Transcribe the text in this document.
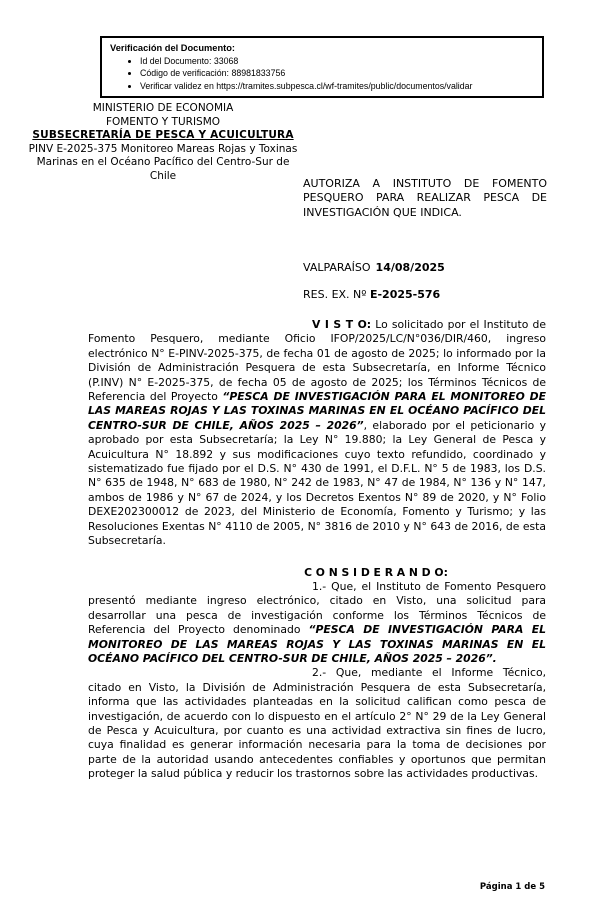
Verificación del Documento:
• Id del Documento: 33068
• Código de verificación: 88981833756
• Verificar validez en https://tramites.subpesca.cl/wf-tramites/public/documentos/validar
MINISTERIO DE ECONOMIA
FOMENTO Y TURISMO
SUBSECRETARÍA DE PESCA Y ACUICULTURA
PINV E-2025-375 Monitoreo Mareas Rojas y Toxinas Marinas en el Océano Pacífico del Centro-Sur de Chile
AUTORIZA A INSTITUTO DE FOMENTO PESQUERO PARA REALIZAR PESCA DE INVESTIGACIÓN QUE INDICA.
VALPARAÍSO 14/08/2025
RES. EX. Nº E-2025-576

V I S T O: Lo solicitado por el Instituto de Fomento Pesquero, mediante Oficio IFOP/2025/LC/N°036/DIR/460, ingreso electrónico N° E-PINV-2025-375, de fecha 01 de agosto de 2025; lo informado por la División de Administración Pesquera de esta Subsecretaría, en Informe Técnico (P.INV) N° E-2025-375, de fecha 05 de agosto de 2025; los Términos Técnicos de Referencia del Proyecto “PESCA DE INVESTIGACIÓN PARA EL MONITOREO DE LAS MAREAS ROJAS Y LAS TOXINAS MARINAS EN EL OCÉANO PACÍFICO DEL CENTRO-SUR DE CHILE, AÑOS 2025 – 2026”, elaborado por el peticionario y aprobado por esta Subsecretaría; la Ley N° 19.880; la Ley General de Pesca y Acuicultura N° 18.892 y sus modificaciones cuyo texto refundido, coordinado y sistematizado fue fijado por el D.S. N° 430 de 1991, el D.F.L. N° 5 de 1983, los D.S. N° 635 de 1948, N° 683 de 1980, N° 242 de 1983, N° 47 de 1984, N° 136 y N° 147, ambos de 1986 y N° 67 de 2024, y los Decretos Exentos N° 89 de 2020, y N° Folio DEXE202300012 de 2023, del Ministerio de Economía, Fomento y Turismo; y las Resoluciones Exentas N° 4110 de 2005, N° 3816 de 2010 y N° 643 de 2016, de esta Subsecretaría.

C O N S I D E R A N D O:

1.- Que, el Instituto de Fomento Pesquero presentó mediante ingreso electrónico, citado en Visto, una solicitud para desarrollar una pesca de investigación conforme los Términos Técnicos de Referencia del Proyecto denominado “PESCA DE INVESTIGACIÓN PARA EL MONITOREO DE LAS MAREAS ROJAS Y LAS TOXINAS MARINAS EN EL OCÉANO PACÍFICO DEL CENTRO-SUR DE CHILE, AÑOS 2025 – 2026”.

2.- Que, mediante el Informe Técnico, citado en Visto, la División de Administración Pesquera de esta Subsecretaría, informa que las actividades planteadas en la solicitud califican como pesca de investigación, de acuerdo con lo dispuesto en el artículo 2° N° 29 de la Ley General de Pesca y Acuicultura, por cuanto es una actividad extractiva sin fines de lucro, cuya finalidad es generar información necesaria para la toma de decisiones por parte de la autoridad usando antecedentes confiables y oportunos que permitan proteger la salud pública y reducir los trastornos sobre las actividades productivas.

Página 1 de 5
